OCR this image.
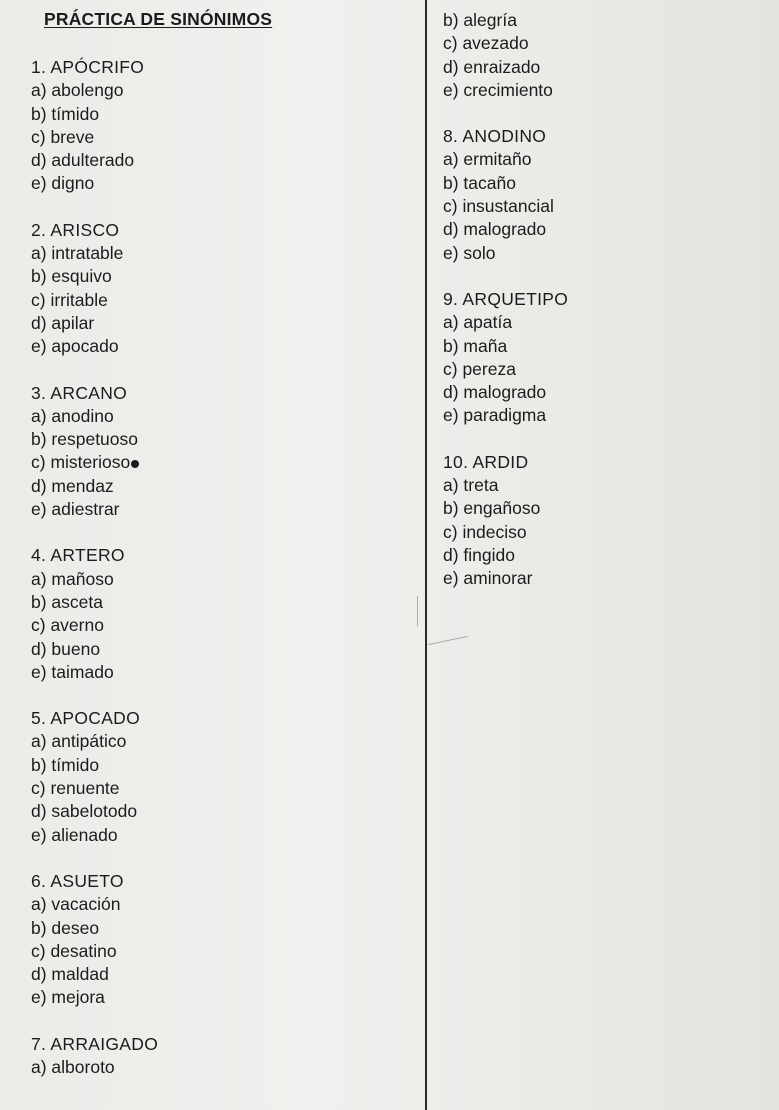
PRÁCTICA DE SINÓNIMOS
1. APÓCRIFO
a) abolengo
b) tímido
c) breve
d) adulterado
e) digno
2. ARISCO
a) intratable
b) esquivo
c) irritable
d) apilar
e) apocado
3. ARCANO
a) anodino
b) respetuoso
c) misterioso
d) mendaz
e) adiestrar
4. ARTERO
a) mañoso
b) asceta
c) averno
d) bueno
e) taimado
5. APOCADO
a) antipático
b) tímido
c) renuente
d) sabelotodo
e) alienado
6. ASUETO
a) vacación
b) deseo
c) desatino
d) maldad
e) mejora
7. ARRAIGADO
a) alboroto
b) alegría
c) avezado
d) enraizado
e) crecimiento
8. ANODINO
a) ermitaño
b) tacaño
c) insustancial
d) malogrado
e) solo
9. ARQUETIPO
a) apatía
b) maña
c) pereza
d) malogrado
e) paradigma
10. ARDID
a) treta
b) engañoso
c) indeciso
d) fingido
e) aminorar
